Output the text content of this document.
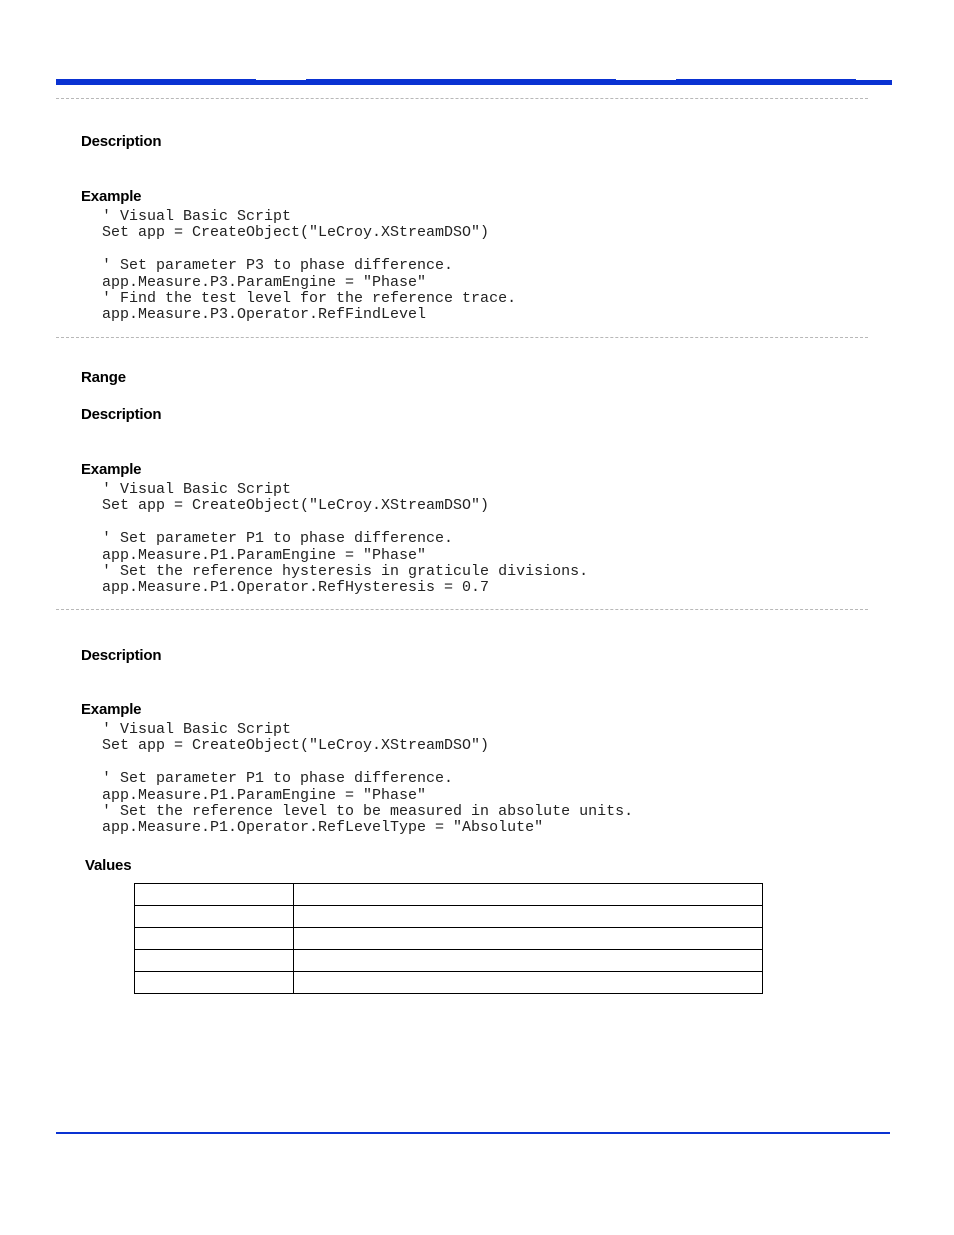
Description
Example
' Visual Basic Script
Set app = CreateObject("LeCroy.XStreamDSO")
' Set parameter P3 to phase difference.
app.Measure.P3.ParamEngine = "Phase"
' Find the test level for the reference trace.
app.Measure.P3.Operator.RefFindLevel
Range
Description
Example
' Visual Basic Script
Set app = CreateObject("LeCroy.XStreamDSO")
' Set parameter P1 to phase difference.
app.Measure.P1.ParamEngine = "Phase"
' Set the reference hysteresis in graticule divisions.
app.Measure.P1.Operator.RefHysteresis = 0.7
Description
Example
' Visual Basic Script
Set app = CreateObject("LeCroy.XStreamDSO")
' Set parameter P1 to phase difference.
app.Measure.P1.ParamEngine = "Phase"
' Set the reference level to be measured in absolute units.
app.Measure.P1.Operator.RefLevelType = "Absolute"
Values
